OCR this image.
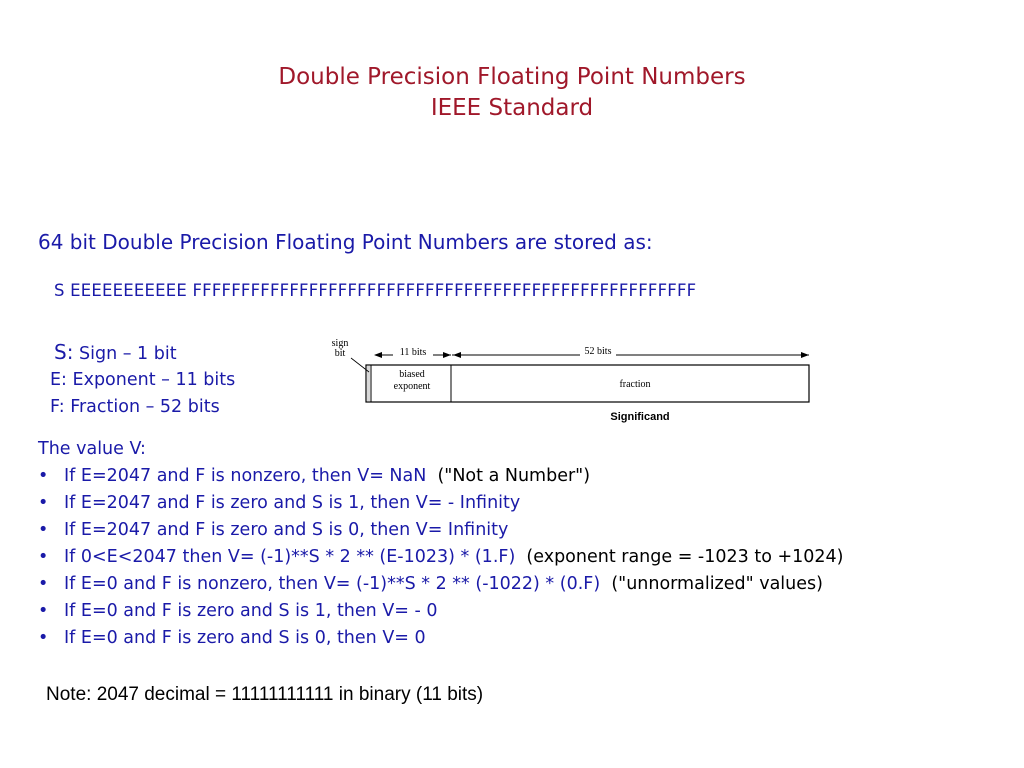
Double Precision Floating Point Numbers
IEEE Standard
64 bit Double Precision Floating Point Numbers are stored as:
S EEEEEEEEEEE FFFFFFFFFFFFFFFFFFFFFFFFFFFFFFFFFFFFFFFFFFFFFFFFFFFF
S: Sign – 1 bit
E: Exponent – 11 bits
F: Fraction – 52 bits
sign
bit	11 bits	52 bits
biased
exponent	fraction
Significand
The value V:
• If E=2047 and F is nonzero, then V= NaN ("Not a Number")
• If E=2047 and F is zero and S is 1, then V= - Infinity
• If E=2047 and F is zero and S is 0, then V= Infinity
• If 0<E<2047 then V= (-1)**S * 2 ** (E-1023) * (1.F) (exponent range = -1023 to +1024)
• If E=0 and F is nonzero, then V= (-1)**S * 2 ** (-1022) * (0.F) ("unnormalized" values)
• If E=0 and F is zero and S is 1, then V= - 0
• If E=0 and F is zero and S is 0, then V= 0
Note: 2047 decimal = 11111111111 in binary (11 bits)
